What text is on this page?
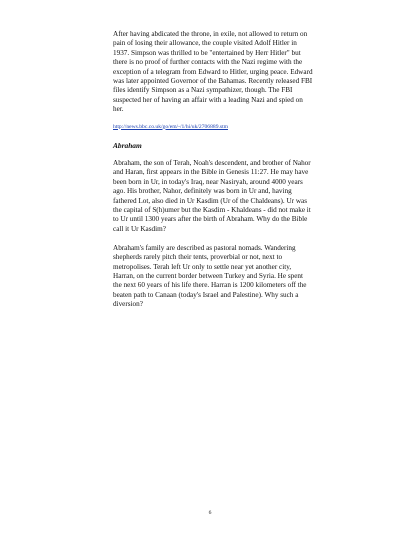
After having abdicated the throne, in exile, not allowed to return on pain of losing their allowance, the couple visited Adolf Hitler in 1937. Simpson was thrilled to be "entertained by Herr Hitler" but there is no proof of further contacts with the Nazi regime with the exception of a telegram from Edward to Hitler, urging peace. Edward was later appointed Governor of the Bahamas. Recently released FBI files identify Simpson as a Nazi sympathizer, though. The FBI suspected her of having an affair with a leading Nazi and spied on her.

http://news.bbc.co.uk/go/em/-/1/hi/uk/2706889.stm

Abraham

Abraham, the son of Terah, Noah's descendent, and brother of Nahor and Haran, first appears in the Bible in Genesis 11:27. He may have been born in Ur, in today's Iraq, near Nasiryah, around 4000 years ago. His brother, Nahor, definitely was born in Ur and, having fathered Lot, also died in Ur Kasdim (Ur of the Chaldeans). Ur was the capital of S(h)umer but the Kasdim - Khaldeans - did not make it to Ur until 1300 years after the birth of Abraham. Why do the Bible call it Ur Kasdim?

Abraham's family are described as pastoral nomads. Wandering shepherds rarely pitch their tents, proverbial or not, next to metropolises. Terah left Ur only to settle near yet another city, Harran, on the current border between Turkey and Syria. He spent the next 60 years of his life there. Harran is 1200 kilometers off the beaten path to Canaan (today's Israel and Palestine). Why such a diversion?

6
